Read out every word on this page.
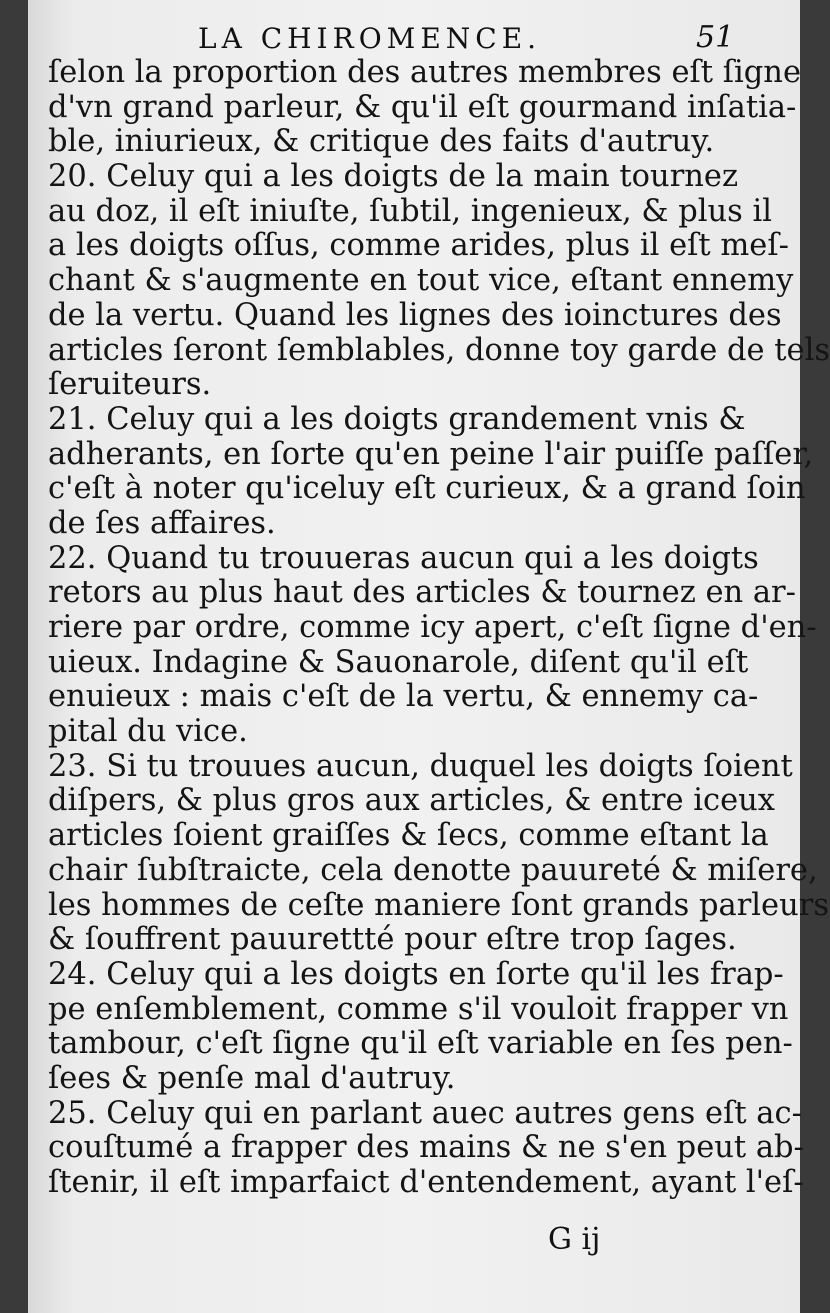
LA CHIROMENCE.	51
ſelon la proportion des autres membres eſt ſigne
d'vn grand parleur, & qu'il eſt gourmand inſatia-
ble, iniurieux, & critique des faits d'autruy.
20. Celuy qui a les doigts de la main tournez
au doz, il eſt iniuſte, ſubtil, ingenieux, & plus il
a les doigts oſſus, comme arides, plus il eſt meſ-
chant & s'augmente en tout vice, eſtant ennemy
de la vertu. Quand les lignes des ioinctures des
articles ſeront ſemblables, donne toy garde de tels
ſeruiteurs.
21. Celuy qui a les doigts grandement vnis &
adherants, en ſorte qu'en peine l'air puiſſe paſſer,
c'eſt à noter qu'iceluy eſt curieux, & a grand ſoin
de ſes affaires.
22. Quand tu trouueras aucun qui a les doigts
retors au plus haut des articles & tournez en ar-
riere par ordre, comme icy apert, c'eſt ſigne d'en-
uieux. Indagine & Sauonarole, diſent qu'il eſt
enuieux : mais c'eſt de la vertu, & ennemy ca-
pital du vice.
23. Si tu trouues aucun, duquel les doigts ſoient
diſpers, & plus gros aux articles, & entre iceux
articles ſoient graiſſes & ſecs, comme eſtant la
chair ſubſtraicte, cela denotte pauureté & miſere,
les hommes de ceſte maniere ſont grands parleurs
& ſouffrent pauurettté pour eſtre trop ſages.
24. Celuy qui a les doigts en ſorte qu'il les frap-
pe enſemblement, comme s'il vouloit frapper vn
tambour, c'eſt ſigne qu'il eſt variable en ſes pen-
ſees & penſe mal d'autruy.
25. Celuy qui en parlant auec autres gens eſt ac-
couſtumé a frapper des mains & ne s'en peut ab-
ſtenir, il eſt imparfaict d'entendement, ayant l'eſ-
G ij
